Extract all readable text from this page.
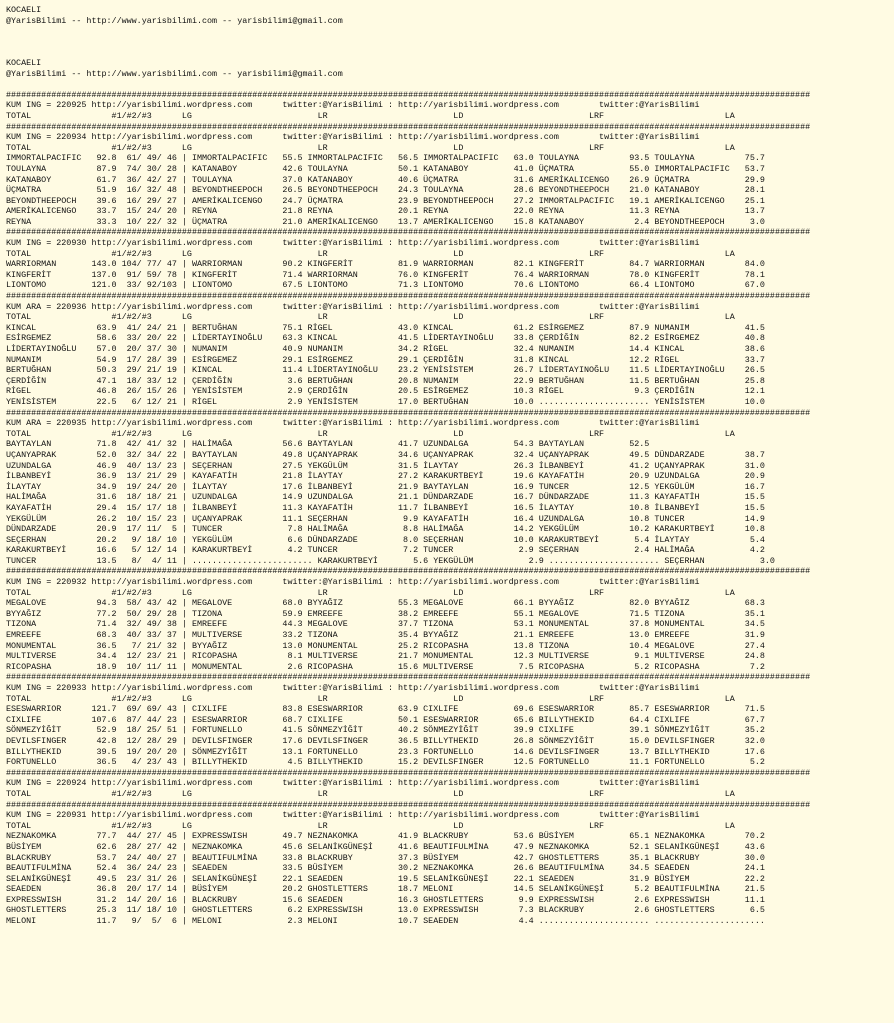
KOCAELI
@YarisBilimi -- http://www.yarisbilimi.com -- yarisbilimi@gmail.com
KOCAELI
@YarisBilimi -- http://www.yarisbilimi.com -- yarisbilimi@gmail.com
################################################################################################################################################################
KUM ING = 220925 http://yarisbilimi.wordpress.com      twitter:@YarisBilimi : http://yarisbilimi.wordpress.com        twitter:@YarisBilimi
TOTAL                #1/#2/#3      LG                         LR                         LD                         LRF                        LA
################################################################################################################################################################
KUM ING = 220934 http://yarisbilimi.wordpress.com      twitter:@YarisBilimi : http://yarisbilimi.wordpress.com        twitter:@YarisBilimi
TOTAL                #1/#2/#3      LG                         LR                         LD                         LRF                        LA
IMMORTALPACIFIC   92.8  61/ 49/ 46 | IMMORTALPACIFIC   55.5 IMMORTALPACIFIC   56.5 IMMORTALPACIFIC   63.0 TOULAYNA          93.5 TOULAYNA          75.7
TOULAYNA          87.9  74/ 30/ 28 | KATANABOY         42.6 TOULAYNA          50.1 KATANABOY         41.0 ÜÇMATRA           55.0 IMMORTALPACIFIC   53.7
KATANABOY         61.7  36/ 42/ 27 | TOULAYNA          37.0 KATANABOY         40.6 ÜÇMATRA           31.6 AMERİKALICENGO    26.9 ÜÇMATRA           29.9
ÜÇMATRA           51.9  16/ 32/ 48 | BEYONDTHEEPOCH    26.5 BEYONDTHEEPOCH    24.3 TOULAYNA          28.6 BEYONDTHEEPOCH    21.0 KATANABOY         28.1
BEYONDTHEEPOCH    39.6  16/ 29/ 27 | AMERİKALICENGO    24.7 ÜÇMATRA           23.9 BEYONDTHEEPOCH    27.2 IMMORTALPACIFIC   19.1 AMERİKALICENGO    25.1
AMERİKALICENGO    33.7  15/ 24/ 20 | REYNA             21.8 REYNA             20.1 REYNA             22.0 REYNA             11.3 REYNA             13.7
REYNA             33.3  10/ 22/ 32 | ÜÇMATRA           21.0 AMERİKALICENGO    13.7 AMERİKALICENGO    15.8 KATANABOY          2.4 BEYONDTHEEPOCH     3.0
################################################################################################################################################################
KUM ING = 220930 http://yarisbilimi.wordpress.com      twitter:@YarisBilimi : http://yarisbilimi.wordpress.com        twitter:@YarisBilimi
TOTAL                #1/#2/#3      LG                         LR                         LD                         LRF                        LA
WARRIORMAN       143.0 104/ 77/ 47 | WARRIORMAN        90.2 KINGFERİT         81.9 WARRIORMAN        82.1 KINGFERİT         84.7 WARRIORMAN        84.0
KINGFERİT        137.0  91/ 59/ 78 | KINGFERİT         71.4 WARRIORMAN        76.0 KINGFERİT         76.4 WARRIORMAN        78.0 KINGFERİT         78.1
LIONTOMO         121.0  33/ 92/103 | LIONTOMO          67.5 LIONTOMO          71.3 LIONTOMO          70.6 LIONTOMO          66.4 LIONTOMO          67.0
################################################################################################################################################################
KUM ARA = 220936 http://yarisbilimi.wordpress.com      twitter:@YarisBilimi : http://yarisbilimi.wordpress.com        twitter:@YarisBilimi
TOTAL                #1/#2/#3      LG                         LR                         LD                         LRF                        LA
KINCAL            63.9  41/ 24/ 21 | BERTUĞHAN         75.1 RİGEL             43.0 KINCAL            61.2 ESİRGEMEZ         87.9 NUMANIM           41.5
ESİRGEMEZ         58.6  33/ 20/ 22 | LİDERTAYINOĞLU    63.3 KINCAL            41.5 LİDERTAYINOĞLU    33.8 ÇERDİĞİN          82.2 ESİRGEMEZ         40.8
LİDERTAYINOĞLU    57.0  20/ 37/ 30 | NUMANIM           40.9 NUMANIM           34.2 RİGEL             32.4 NUMANIM           14.4 KINCAL            38.6
NUMANIM           54.9  17/ 28/ 39 | ESİRGEMEZ         29.1 ESİRGEMEZ         29.1 ÇERDİĞİN          31.8 KINCAL            12.2 RİGEL             33.7
BERTUĞHAN         50.3  29/ 21/ 19 | KINCAL            11.4 LİDERTAYINOĞLU    23.2 YENİSİSTEM        26.7 LİDERTAYINOĞLU    11.5 LİDERTAYINOĞLU    26.5
ÇERDİĞİN          47.1  18/ 33/ 12 | ÇERDİĞİN           3.6 BERTUĞHAN         20.8 NUMANIM           22.9 BERTUĞHAN         11.5 BERTUĞHAN         25.8
RİGEL             46.8  26/ 15/ 26 | YENİSİSTEM         2.9 ÇERDİĞİN          20.5 ESİRGEMEZ         10.3 RİGEL              9.3 ÇERDİĞİN          12.1
YENİSİSTEM        22.5   6/ 12/ 21 | RİGEL              2.9 YENİSİSTEM        17.0 BERTUĞHAN         10.0 ...................... YENİSİSTEM        10.0
################################################################################################################################################################
KUM ARA = 220935 http://yarisbilimi.wordpress.com      twitter:@YarisBilimi : http://yarisbilimi.wordpress.com        twitter:@YarisBilimi
TOTAL                #1/#2/#3      LG                         LR                         LD                         LRF                        LA
BAYTAYLAN         71.8  42/ 41/ 32 | HALİMAĞA          56.6 BAYTAYLAN         41.7 UZUNDALGA         54.3 BAYTAYLAN         52.5
UÇANYAPRAK        52.0  32/ 34/ 22 | BAYTAYLAN         49.8 UÇANYAPRAK        34.6 UÇANYAPRAK        32.4 UÇANYAPRAK        49.5 DÜNDARZADE        38.7
UZUNDALGA         46.9  40/ 13/ 23 | SEÇERHAN          27.5 YEKGÜLÜM          31.5 İLAYTAY           26.3 İLBANBEYİ         41.2 UÇANYAPRAK        31.0
İLBANBEYİ         36.9  13/ 21/ 29 | KAYAFATİH         21.8 İLAYTAY           27.2 KARAKURTBEYİ      19.6 KAYAFATİH         20.9 UZUNDALGA         20.9
İLAYTAY           34.9  19/ 24/ 20 | İLAYTAY           17.6 İLBANBEYİ         21.9 BAYTAYLAN         16.9 TUNCER            12.5 YEKGÜLÜM          16.7
HALİMAĞA          31.6  18/ 18/ 21 | UZUNDALGA         14.9 UZUNDALGA         21.1 DÜNDARZADE        16.7 DÜNDARZADE        11.3 KAYAFATİH         15.5
KAYAFATİH         29.4  15/ 17/ 18 | İLBANBEYİ         11.3 KAYAFATİH         11.7 İLBANBEYİ         16.5 İLAYTAY           10.8 İLBANBEYİ         15.5
YEKGÜLÜM          26.2  10/ 15/ 23 | UÇANYAPRAK        11.1 SEÇERHAN           9.9 KAYAFATİH         16.4 UZUNDALGA         10.8 TUNCER            14.9
DÜNDARZADE        20.9  17/ 11/  5 | TUNCER             7.8 HALİMAĞA           8.8 HALİMAĞA          14.2 YEKGÜLÜM          10.2 KARAKURTBEYİ      10.8
SEÇERHAN          20.2   9/ 18/ 10 | YEKGÜLÜM           6.6 DÜNDARZADE         8.0 SEÇERHAN          10.0 KARAKURTBEYİ       5.4 İLAYTAY            5.4
KARAKURTBEYİ      16.6   5/ 12/ 14 | KARAKURTBEYİ       4.2 TUNCER             7.2 TUNCER             2.9 SEÇERHAN           2.4 HALİMAĞA           4.2
TUNCER            13.5   8/  4/ 11 | ........................ KARAKURTBEYİ       5.6 YEKGÜLÜM           2.9 ...................... SEÇERHAN           3.0
################################################################################################################################################################
KUM ING = 220932 http://yarisbilimi.wordpress.com      twitter:@YarisBilimi : http://yarisbilimi.wordpress.com        twitter:@YarisBilimi
TOTAL                #1/#2/#3      LG                         LR                         LD                         LRF                        LA
MEGALOVE          94.3  58/ 43/ 42 | MEGALOVE          68.0 BYYAĞIZ           55.3 MEGALOVE          66.1 BYYAĞIZ           82.0 BYYAĞIZ           68.3
BYYAĞIZ           77.2  50/ 29/ 28 | TIZONA            59.9 EMREEFE           38.2 EMREEFE           55.1 MEGALOVE          71.5 TIZONA            35.1
TIZONA            71.4  32/ 49/ 38 | EMREEFE           44.3 MEGALOVE          37.7 TIZONA            53.1 MONUMENTAL        37.8 MONUMENTAL        34.5
EMREEFE           68.3  40/ 33/ 37 | MULTIVERSE        33.2 TIZONA            35.4 BYYAĞIZ           21.1 EMREEFE           13.0 EMREEFE           31.9
MONUMENTAL        36.5   7/ 21/ 32 | BYYAĞIZ           13.0 MONUMENTAL        25.2 RICOPASHA         13.8 TIZONA            10.4 MEGALOVE          27.4
MULTIVERSE        34.4  12/ 23/ 21 | RICOPASHA          8.1 MULTIVERSE        21.7 MONUMENTAL        12.3 MULTIVERSE         9.1 MULTIVERSE        24.8
RICOPASHA         18.9  10/ 11/ 11 | MONUMENTAL         2.6 RICOPASHA         15.6 MULTIVERSE         7.5 RICOPASHA          5.2 RICOPASHA          7.2
################################################################################################################################################################
KUM ING = 220933 http://yarisbilimi.wordpress.com      twitter:@YarisBilimi : http://yarisbilimi.wordpress.com        twitter:@YarisBilimi
TOTAL                #1/#2/#3      LG                         LR                         LD                         LRF                        LA
ESESWARRIOR      121.7  69/ 69/ 43 | CIXLIFE           83.8 ESESWARRIOR       63.9 CIXLIFE           69.6 ESESWARRIOR       85.7 ESESWARRIOR       71.5
CIXLIFE          107.6  87/ 44/ 23 | ESESWARRIOR       68.7 CIXLIFE           50.1 ESESWARRIOR       65.6 BILLYTHEKID       64.4 CIXLIFE           67.7
SÖNMEZYİĞİT       52.9  18/ 25/ 51 | FORTUNELLO        41.5 SÖNMEZYİĞİT       40.2 SÖNMEZYİĞİT       39.9 CIXLIFE           39.1 SÖNMEZYİĞİT       35.2
DEVILSFINGER      42.8  12/ 28/ 29 | DEVILSFINGER      17.6 DEVILSFINGER      36.5 BILLYTHEKID       26.8 SÖNMEZYİĞİT       15.0 DEVILSFINGER      32.0
BILLYTHEKID       39.5  19/ 20/ 20 | SÖNMEZYİĞİT       13.1 FORTUNELLO        23.3 FORTUNELLO        14.6 DEVILSFINGER      13.7 BILLYTHEKID       17.6
FORTUNELLO        36.5   4/ 23/ 43 | BILLYTHEKID        4.5 BILLYTHEKID       15.2 DEVILSFINGER      12.5 FORTUNELLO        11.1 FORTUNELLO         5.2
################################################################################################################################################################
KUM ING = 220924 http://yarisbilimi.wordpress.com      twitter:@YarisBilimi : http://yarisbilimi.wordpress.com        twitter:@YarisBilimi
TOTAL                #1/#2/#3      LG                         LR                         LD                         LRF                        LA
################################################################################################################################################################
KUM ING = 220931 http://yarisbilimi.wordpress.com      twitter:@YarisBilimi : http://yarisbilimi.wordpress.com        twitter:@YarisBilimi
TOTAL                #1/#2/#3      LG                         LR                         LD                         LRF                        LA
NEZNAKOMKA        77.7  44/ 27/ 45 | EXPRESSWISH       49.7 NEZNAKOMKA        41.9 BLACKRUBY         53.6 BÜSİYEM           65.1 NEZNAKOMKA        70.2
BÜSİYEM           62.6  28/ 27/ 42 | NEZNAKOMKA        45.6 SELANİKGÜNEŞİ     41.6 BEAUTIFULMİNA     47.9 NEZNAKOMKA        52.1 SELANİKGÜNEŞİ     43.6
BLACKRUBY         53.7  24/ 40/ 27 | BEAUTIFULMİNA     33.8 BLACKRUBY         37.3 BÜSİYEM           42.7 GHOSTLETTERS      35.1 BLACKRUBY         30.0
BEAUTIFULMİNA     52.4  36/ 24/ 23 | SEAEDEN           33.5 BÜSİYEM           30.2 NEZNAKOMKA        26.6 BEAUTIFULMİNA     34.5 SEAEDEN           24.1
SELANİKGÜNEŞİ     49.5  23/ 31/ 26 | SELANİKGÜNEŞİ     22.1 SEAEDEN           19.5 SELANİKGÜNEŞİ     22.1 SEAEDEN           31.9 BÜSİYEM           22.2
SEAEDEN           36.8  20/ 17/ 14 | BÜSİYEM           20.2 GHOSTLETTERS      18.7 MELONI            14.5 SELANİKGÜNEŞİ      5.2 BEAUTIFULMİNA     21.5
EXPRESSWISH       31.2  14/ 20/ 16 | BLACKRUBY         15.6 SEAEDEN           16.3 GHOSTLETTERS       9.9 EXPRESSWISH        2.6 EXPRESSWISH       11.1
GHOSTLETTERS      25.3  11/ 18/ 10 | GHOSTLETTERS       6.2 EXPRESSWISH       13.0 EXPRESSWISH        7.3 BLACKRUBY          2.6 GHOSTLETTERS       6.5
MELONI            11.7   9/  5/  6 | MELONI             2.3 MELONI            10.7 SEAEDEN            4.4 ...................... ......................
